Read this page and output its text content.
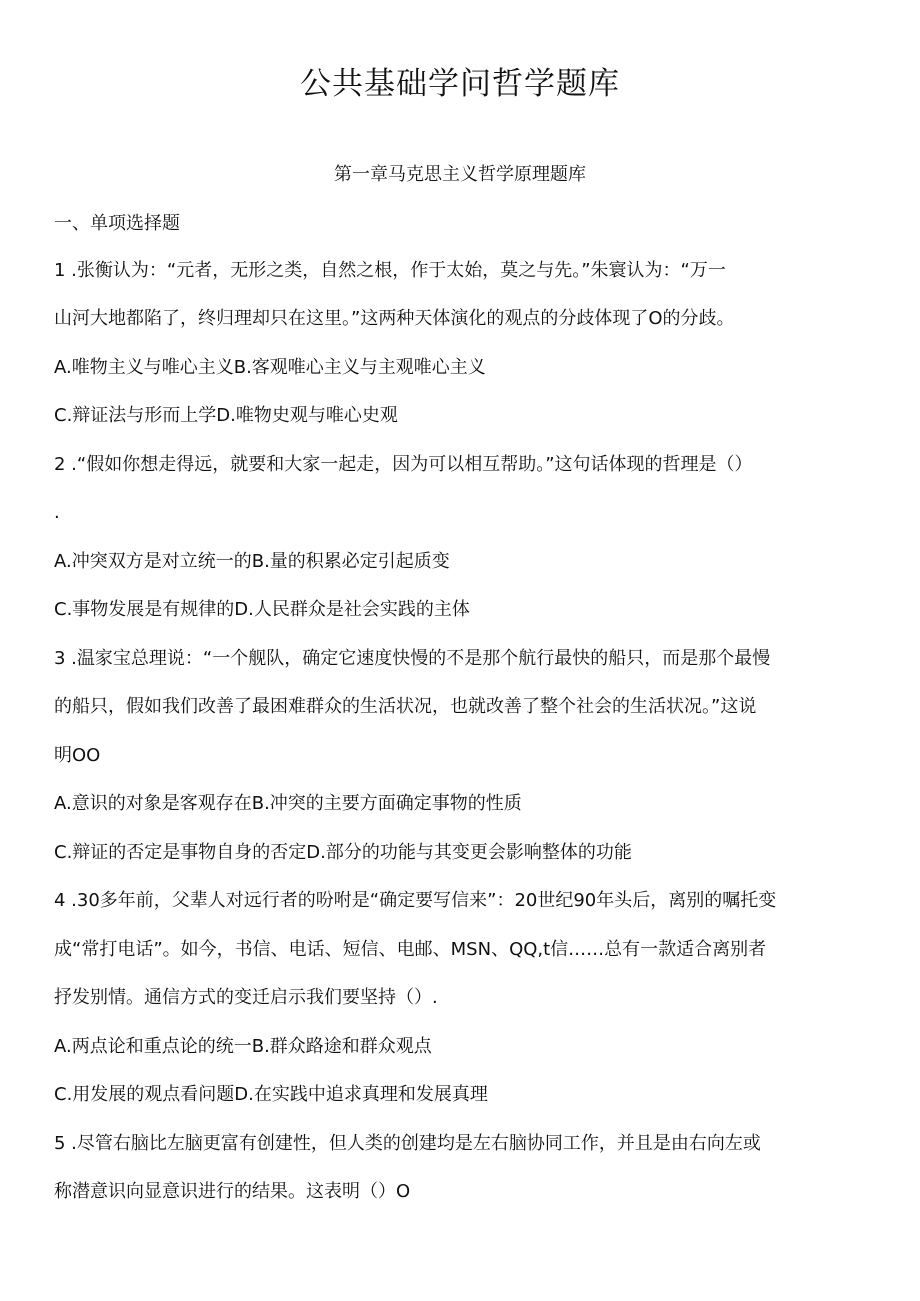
公共基础学问哲学题库
第一章马克思主义哲学原理题库

一、单项选择题

1 .张衡认为：“元者，无形之类，自然之根，作于太始，莫之与先。”朱寰认为：“万一

山河大地都陷了，终归理却只在这里。”这两种天体演化的观点的分歧体现了O的分歧。

A.唯物主义与唯心主义B.客观唯心主义与主观唯心主义

C.辩证法与形而上学D.唯物史观与唯心史观

2 .“假如你想走得远，就要和大家一起走，因为可以相互帮助。”这句话体现的哲理是（）

.

A.冲突双方是对立统一的B.量的积累必定引起质变

C.事物发展是有规律的D.人民群众是社会实践的主体

3 .温家宝总理说：“一个舰队，确定它速度快慢的不是那个航行最快的船只，而是那个最慢

的船只，假如我们改善了最困难群众的生活状况，也就改善了整个社会的生活状况。”这说

明OO

A.意识的对象是客观存在B.冲突的主要方面确定事物的性质

C.辩证的否定是事物自身的否定D.部分的功能与其变更会影响整体的功能

4 .30多年前，父辈人对远行者的吩咐是“确定要写信来”：20世纪90年头后，离别的嘱托变

成“常打电话”。如今，书信、电话、短信、电邮、MSN、QQ,t信……总有一款适合离别者

抒发别情。通信方式的变迁启示我们要坚持（）.

A.两点论和重点论的统一B.群众路途和群众观点

C.用发展的观点看问题D.在实践中追求真理和发展真理

5 .尽管右脑比左脑更富有创建性，但人类的创建均是左右脑协同工作，并且是由右向左或

称潜意识向显意识进行的结果。这表明（）O
